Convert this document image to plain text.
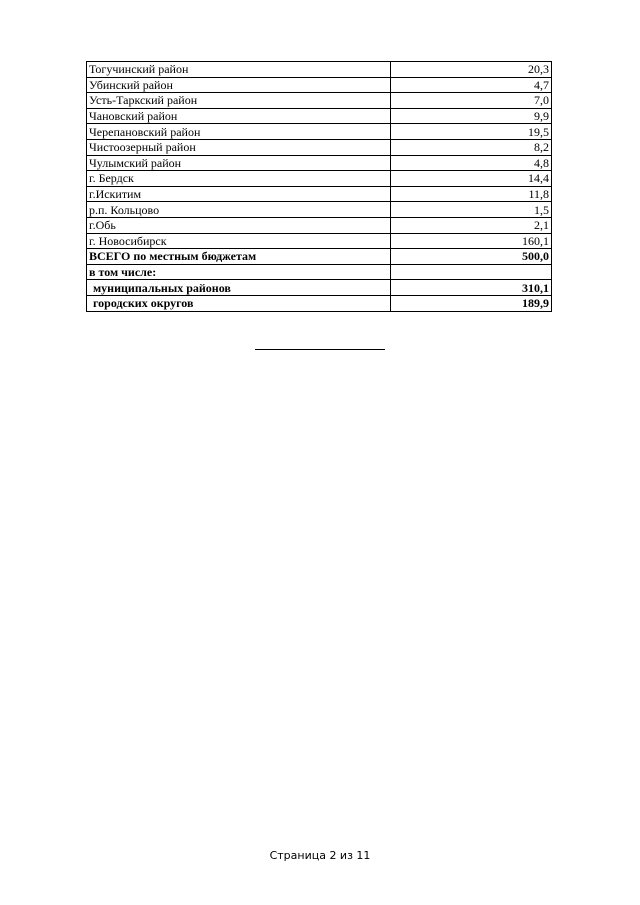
Тогучинский район	20,3
Убинский район	4,7
Усть-Таркский район	7,0
Чановский район	9,9
Черепановский район	19,5
Чистоозерный район	8,2
Чулымский район	4,8
г. Бердск	14,4
г.Искитим	11,8
р.п. Кольцово	1,5
г.Обь	2,1
г. Новосибирск	160,1
ВСЕГО по местным бюджетам	500,0
в том числе:	
муниципальных районов	310,1
городских округов	189,9
Страница 2 из 11
